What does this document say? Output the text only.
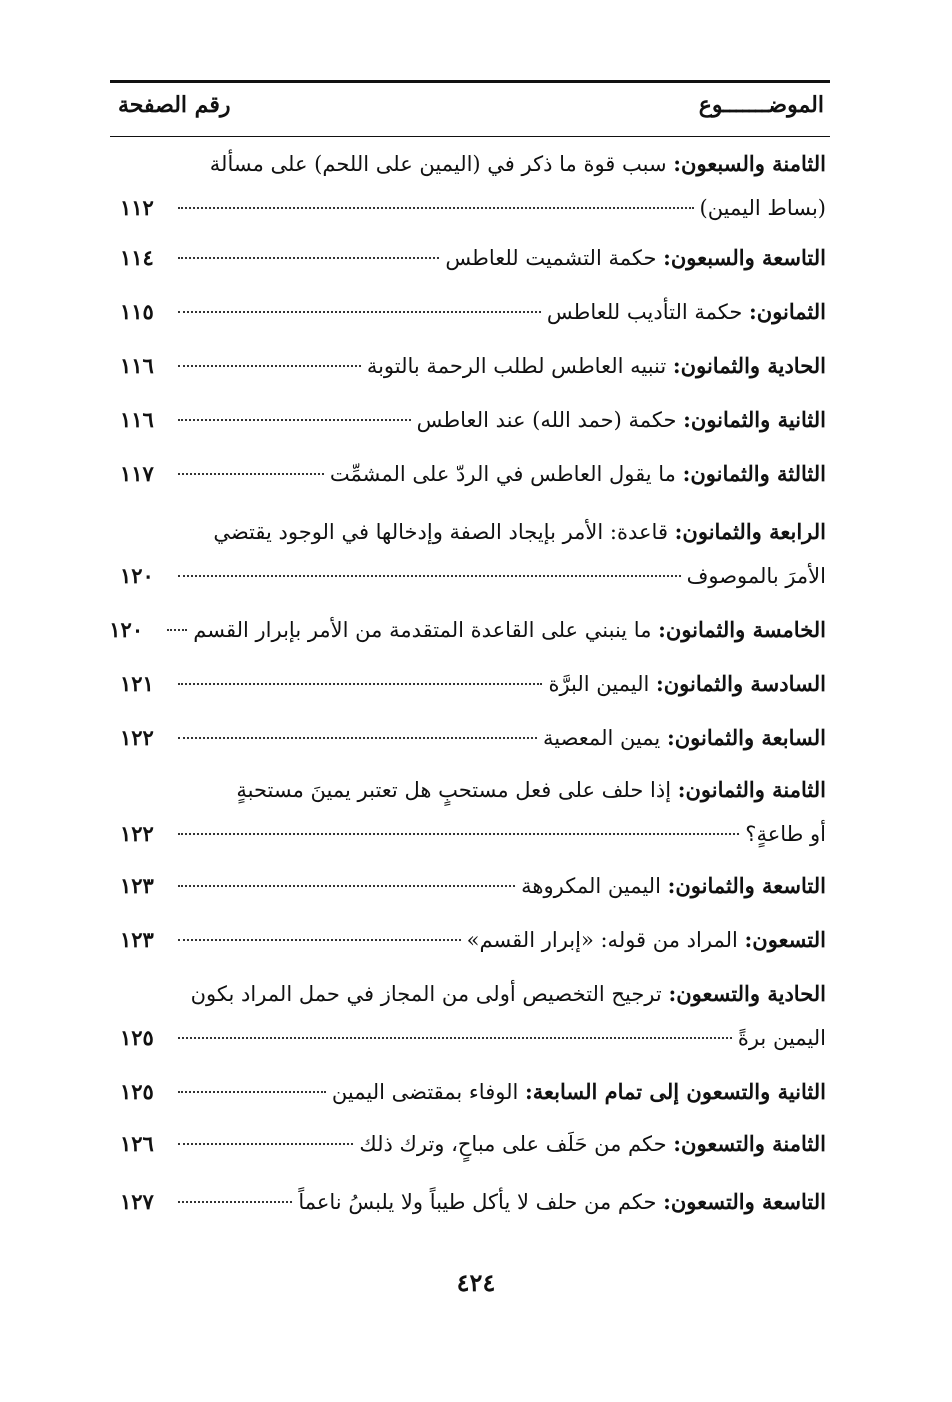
الموضـــــــوع
رقم الصفحة
الثامنة والسبعون: سبب قوة ما ذكر في (اليمين على اللحم) على مسألة
(بساط اليمين)
١١٢
التاسعة والسبعون: حكمة التشميت للعاطس
١١٤
الثمانون: حكمة التأديب للعاطس
١١٥
الحادية والثمانون: تنبيه العاطس لطلب الرحمة بالتوبة
١١٦
الثانية والثمانون: حكمة (حمد الله) عند العاطس
١١٦
الثالثة والثمانون: ما يقول العاطس في الردّ على المشمِّت
١١٧
الرابعة والثمانون: قاعدة: الأمر بإيجاد الصفة وإدخالها في الوجود يقتضي
الأمرَ بالموصوف
١٢٠
الخامسة والثمانون: ما ينبني على القاعدة المتقدمة من الأمر بإبرار القسم
١٢٠
السادسة والثمانون: اليمين البرَّة
١٢١
السابعة والثمانون: يمين المعصية
١٢٢
الثامنة والثمانون: إذا حلف على فعل مستحبٍ هل تعتبر يمينَ مستحبةٍ
أو طاعةٍ؟
١٢٢
التاسعة والثمانون: اليمين المكروهة
١٢٣
التسعون: المراد من قوله: «إبرار القسم»
١٢٣
الحادية والتسعون: ترجيح التخصيص أولى من المجاز في حمل المراد بكون
اليمين برةً
١٢٥
الثانية والتسعون إلى تمام السابعة: الوفاء بمقتضى اليمين
١٢٥
الثامنة والتسعون: حكم من حَلَف على مباحٍ، وترك ذلك
١٢٦
التاسعة والتسعون: حكم من حلف لا يأكل طيباً ولا يلبسُ ناعماً
١٢٧
٤٢٤
